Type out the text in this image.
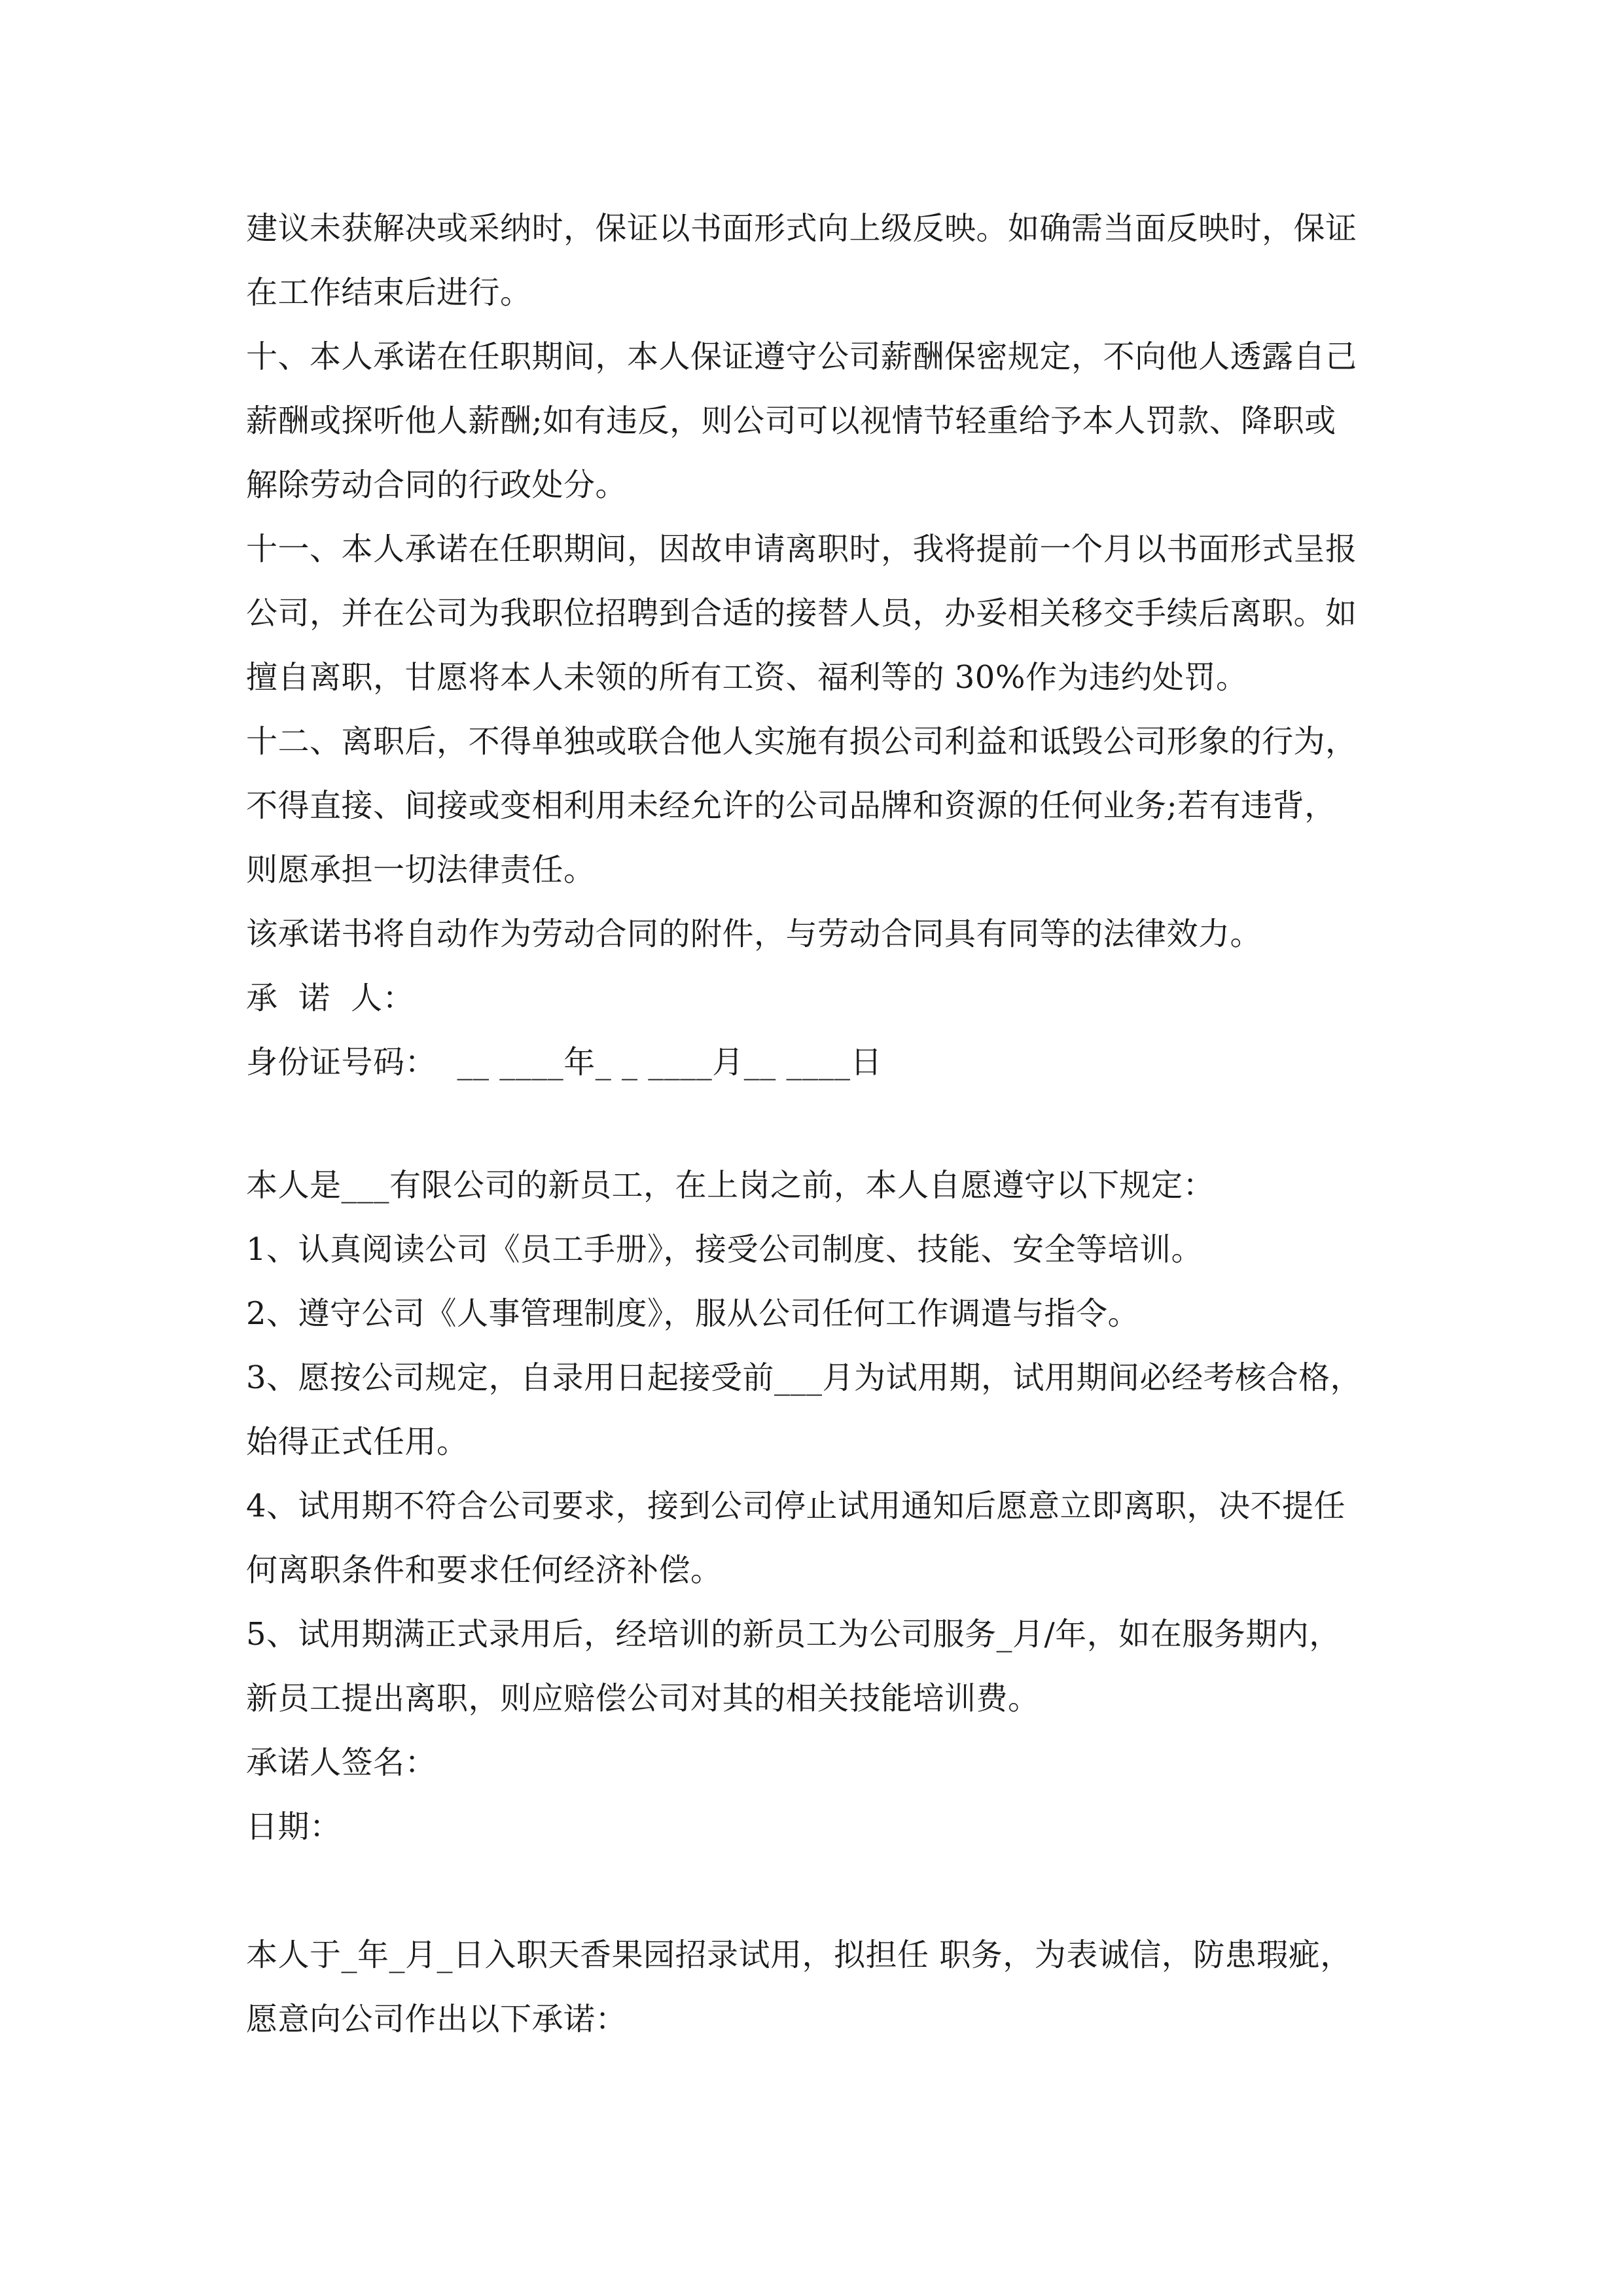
建议未获解决或采纳时，保证以书面形式向上级反映。如确需当面反映时，保证
在工作结束后进行。
十、本人承诺在任职期间，本人保证遵守公司薪酬保密规定，不向他人透露自己
薪酬或探听他人薪酬;如有违反，则公司可以视情节轻重给予本人罚款、降职或
解除劳动合同的行政处分。
十一、本人承诺在任职期间，因故申请离职时，我将提前一个月以书面形式呈报
公司，并在公司为我职位招聘到合适的接替人员，办妥相关移交手续后离职。如
擅自离职，甘愿将本人未领的所有工资、福利等的 30%作为违约处罚。
十二、离职后，不得单独或联合他人实施有损公司利益和诋毁公司形象的行为，
不得直接、间接或变相利用未经允许的公司品牌和资源的任何业务;若有违背，
则愿承担一切法律责任。
该承诺书将自动作为劳动合同的附件，与劳动合同具有同等的法律效力。
承  诺  人：
身份证号码：  __ ____年_ _ ____月__ ____日
本人是___有限公司的新员工，在上岗之前，本人自愿遵守以下规定：
1、认真阅读公司《员工手册》，接受公司制度、技能、安全等培训。
2、遵守公司《人事管理制度》，服从公司任何工作调遣与指令。
3、愿按公司规定，自录用日起接受前___月为试用期，试用期间必经考核合格，
始得正式任用。
4、试用期不符合公司要求，接到公司停止试用通知后愿意立即离职，决不提任
何离职条件和要求任何经济补偿。
5、试用期满正式录用后，经培训的新员工为公司服务_月/年，如在服务期内，
新员工提出离职，则应赔偿公司对其的相关技能培训费。
承诺人签名：
日期：
本人于_年_月_日入职天香果园招录试用，拟担任 职务，为表诚信，防患瑕疵，
愿意向公司作出以下承诺：
